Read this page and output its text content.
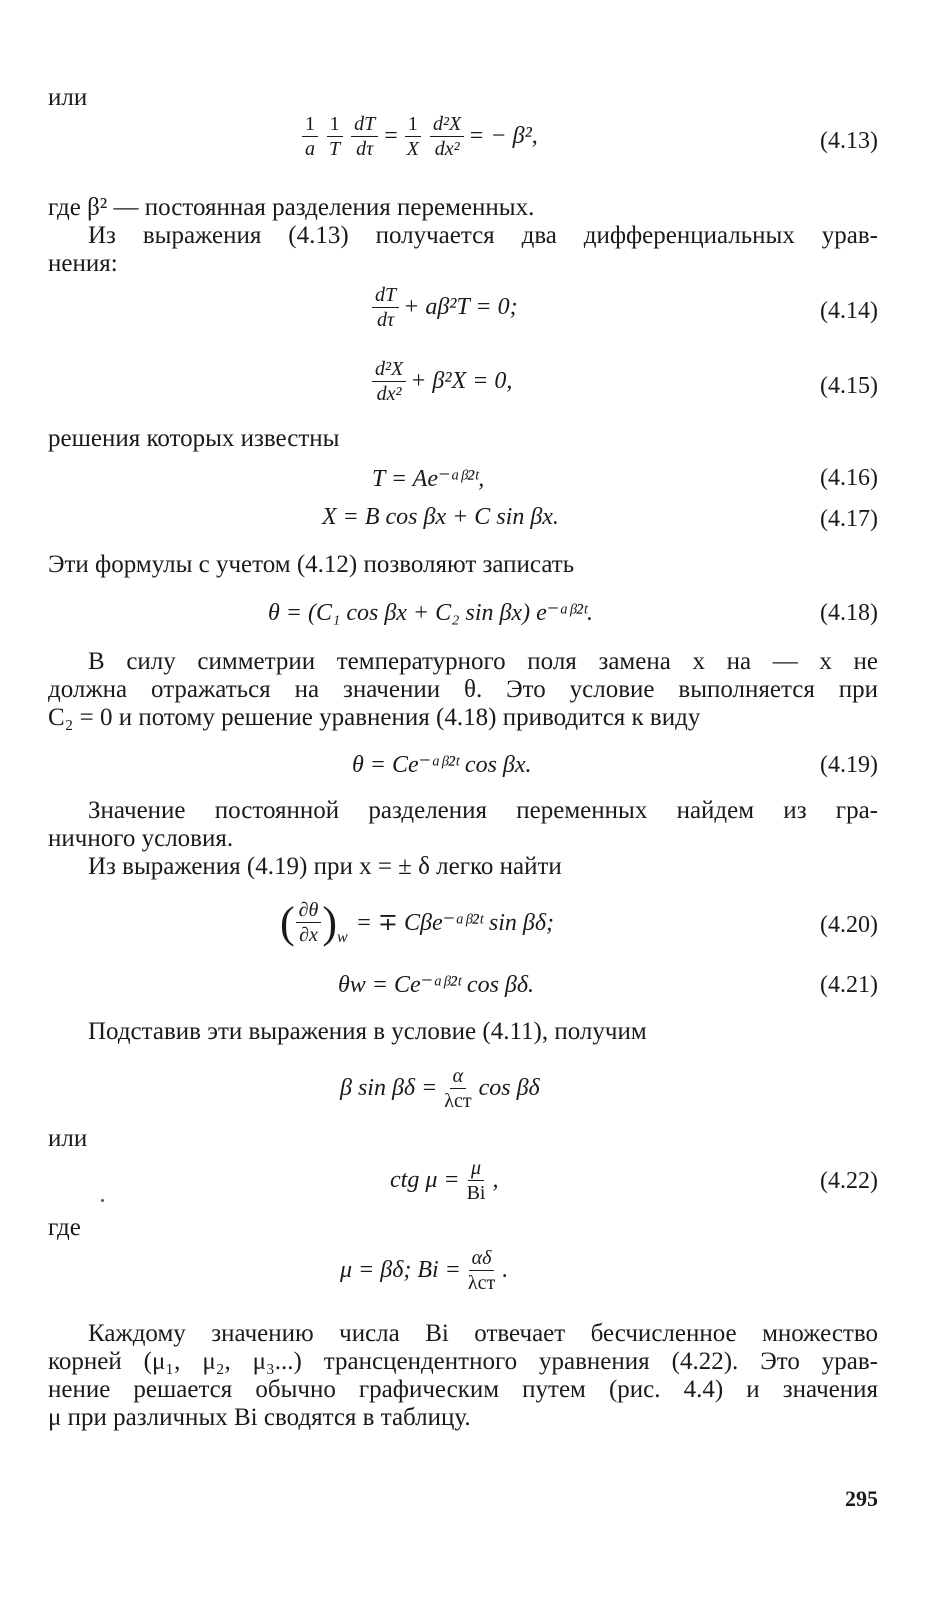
или
$\frac{1}{a} \frac{1}{T} \frac{dT}{d\tau} = \frac{1}{X} \frac{\text{d²X}}{\text{dx²}}$ = − β²,	(4.13)
где β² — постоянная разделения переменных.
Из выражения (4.13) получается два дифференциальных урав-
нения:
$\frac{dT}{d\tau} + a\beta^2T = 0$;	(4.14)
$\frac{\text{d²X}}{\text{dx²}} + \beta^2X = 0$,	(4.15)
решения которых известны
T = Ae⁻ᵃᵝ²ᵗ,	(4.16)
X = B cos βx + C sin βx.	(4.17)
Эти формулы с учетом (4.12) позволяют записать
θ = (C₁ cos βx + C₂ sin βx) e⁻ᵃᵝ²ᵗ.	(4.18)
В силу симметрии температурного поля замена x на — x не
должна отражаться на значении θ. Это условие выполняется при
C₂ = 0 и потому решение уравнения (4.18) приводится к виду
θ = Ce⁻ᵃᵝ²ᵗ cos βx.	(4.19)
Значение постоянной разделения переменных найдем из гра-
ничного условия.
Из выражения (4.19) при x = ± δ легко найти
( $\frac{\partial\theta}{\partial x}$ ) w
= ∓ Cβe⁻ᵃᵝ²ᵗ sin βδ;	(4.20)
θw = Ce⁻ᵃᵝ²ᵗ cos βδ.	(4.21)
Подставив эти выражения в условие (4.11), получим
β $\sin \beta\delta = \frac{\alpha}{\text{λст}}$ cos βδ
или
ctg $\mu = \frac{\mu}{Bi}$ ,	(4.22)
где
μ = βδ; $Bi = \frac{\alpha\delta}{\text{λст}}$ .
Каждому значению числа Bi отвечает бесчисленное множество
корней (μ₁, μ₂, μ₃...) трансцендентного уравнения (4.22). Это урав-
нение решается обычно графическим путем (рис. 4.4) и значения
μ при различных Bi сводятся в таблицу.
295
